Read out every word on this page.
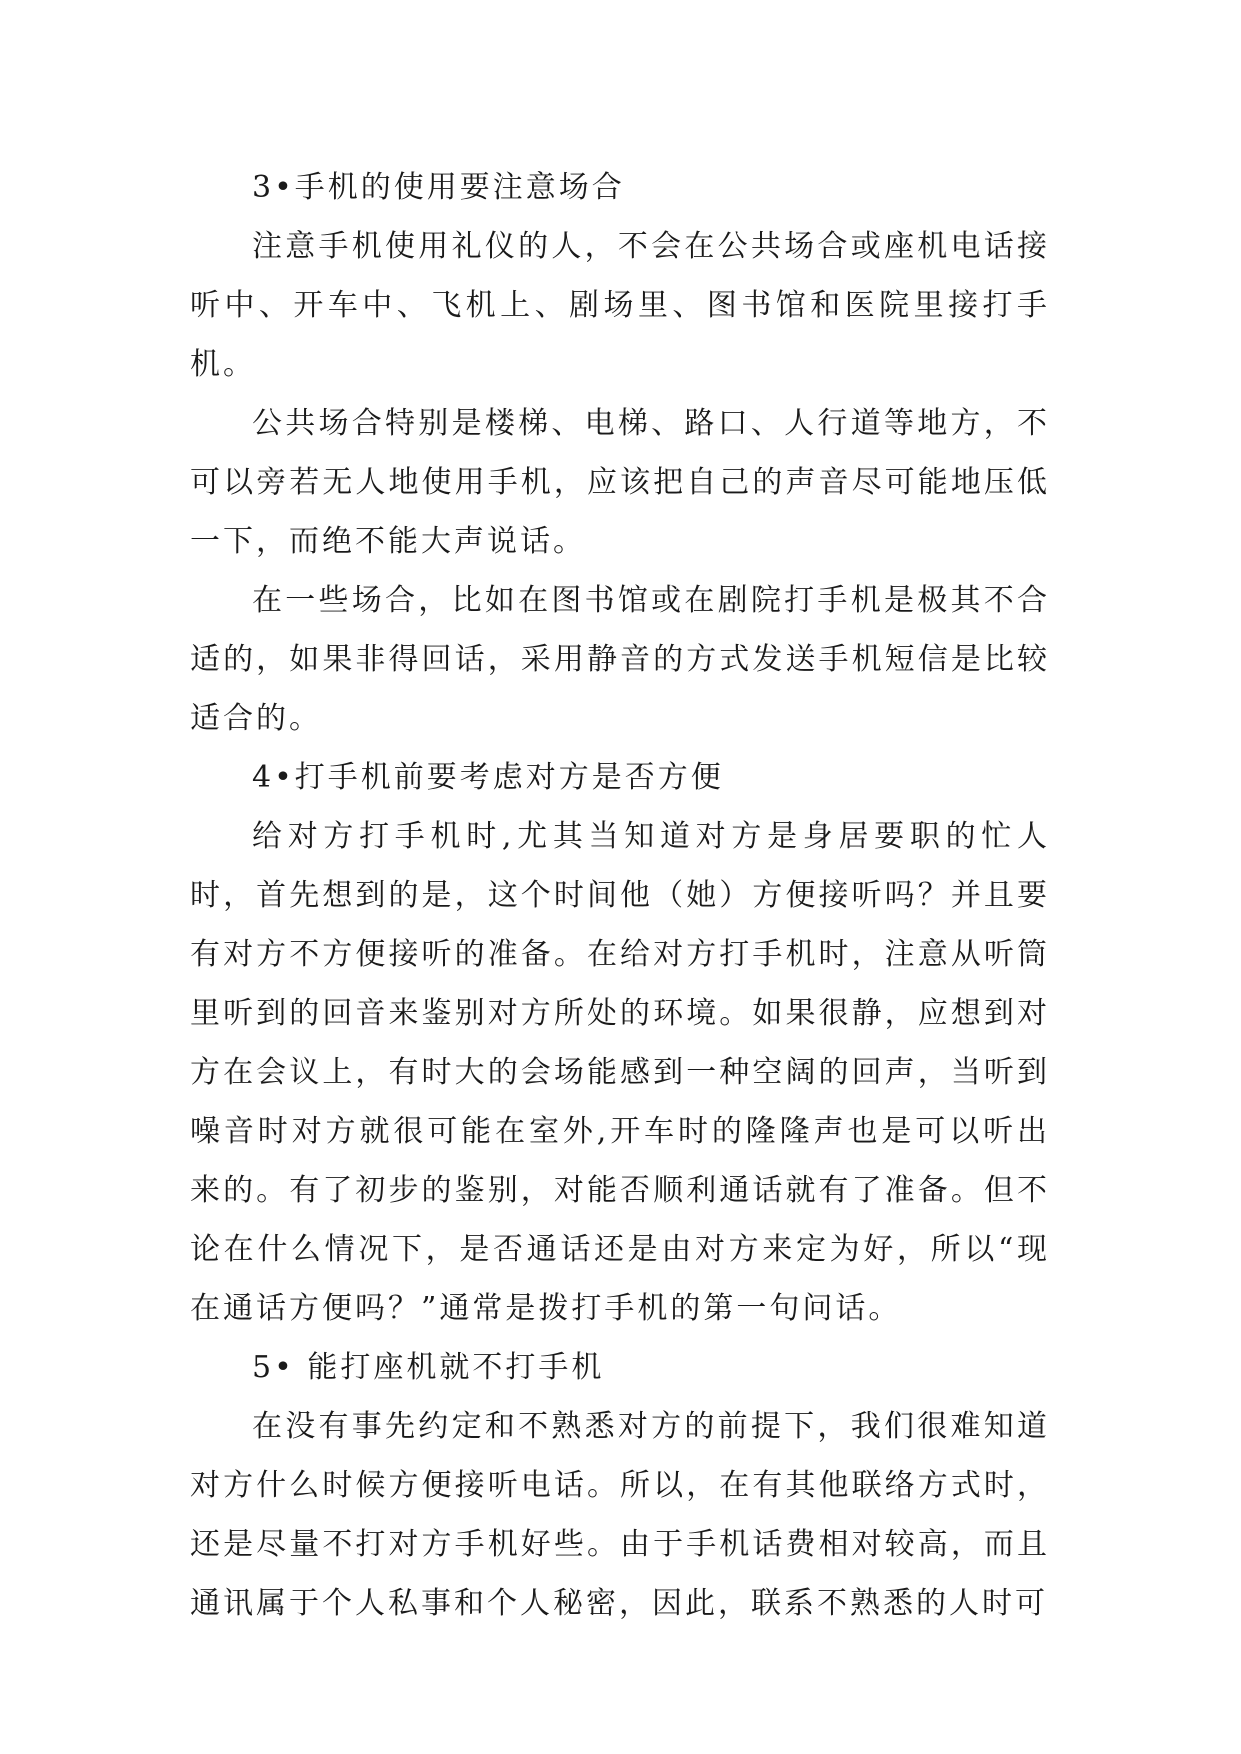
3•手机的使用要注意场合

注意手机使用礼仪的人，不会在公共场合或座机电话接听中、开车中、飞机上、剧场里、图书馆和医院里接打手机。

公共场合特别是楼梯、电梯、路口、人行道等地方，不可以旁若无人地使用手机，应该把自己的声音尽可能地压低一下，而绝不能大声说话。

在一些场合，比如在图书馆或在剧院打手机是极其不合适的，如果非得回话，采用静音的方式发送手机短信是比较适合的。

4•打手机前要考虑对方是否方便

给对方打手机时,尤其当知道对方是身居要职的忙人时，首先想到的是，这个时间他（她）方便接听吗？并且要有对方不方便接听的准备。在给对方打手机时，注意从听筒里听到的回音来鉴别对方所处的环境。如果很静，应想到对方在会议上，有时大的会场能感到一种空阔的回声，当听到噪音时对方就很可能在室外,开车时的隆隆声也是可以听出来的。有了初步的鉴别，对能否顺利通话就有了准备。但不论在什么情况下，是否通话还是由对方来定为好，所以“现在通话方便吗？”通常是拨打手机的第一句问话。

5• 能打座机就不打手机

在没有事先约定和不熟悉对方的前提下，我们很难知道对方什么时候方便接听电话。所以，在有其他联络方式时，还是尽量不打对方手机好些。由于手机话费相对较高，而且通讯属于个人私事和个人秘密，因此，联系不熟悉的人时可
